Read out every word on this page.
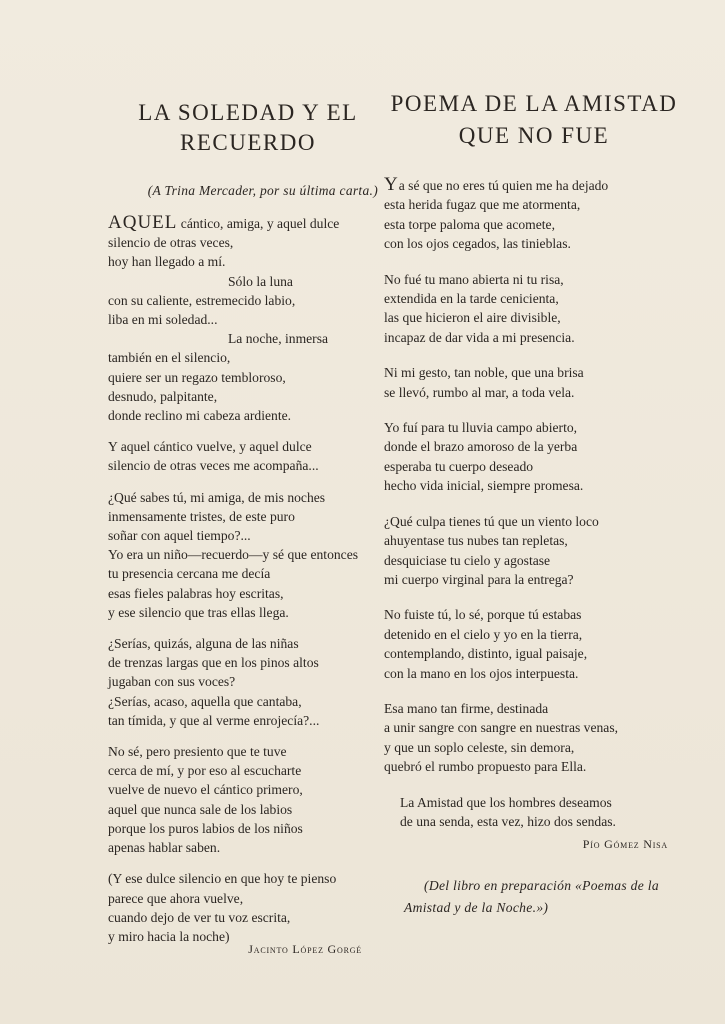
LA SOLEDAD Y EL
RECUERDO
(A Trina Mercader, por su última carta.)
AQUEL cántico, amiga, y aquel dulce
silencio de otras veces,
hoy han llegado a mí.
Sólo la luna
con su caliente, estremecido labio,
liba en mi soledad...
La noche, inmersa
también en el silencio,
quiere ser un regazo tembloroso,
desnudo, palpitante,
donde reclino mi cabeza ardiente.
Y aquel cántico vuelve, y aquel dulce
silencio de otras veces me acompaña...
¿Qué sabes tú, mi amiga, de mis noches
inmensamente tristes, de este puro
soñar con aquel tiempo?...
Yo era un niño—recuerdo—y sé que entonces
tu presencia cercana me decía
esas fieles palabras hoy escritas,
y ese silencio que tras ellas llega.
¿Serías, quizás, alguna de las niñas
de trenzas largas que en los pinos altos
jugaban con sus voces?
¿Serías, acaso, aquella que cantaba,
tan tímida, y que al verme enrojecía?...
No sé, pero presiento que te tuve
cerca de mí, y por eso al escucharte
vuelve de nuevo el cántico primero,
aquel que nunca sale de los labios
porque los puros labios de los niños
apenas hablar saben.
(Y ese dulce silencio en que hoy te pienso
parece que ahora vuelve,
cuando dejo de ver tu voz escrita,
y miro hacia la noche)
Jacinto López Gorgé
POEMA DE LA AMISTAD
QUE NO FUE
Ya sé que no eres tú quien me ha dejado
esta herida fugaz que me atormenta,
esta torpe paloma que acomete,
con los ojos cegados, las tinieblas.
No fué tu mano abierta ni tu risa,
extendida en la tarde cenicienta,
las que hicieron el aire divisible,
incapaz de dar vida a mi presencia.
Ni mi gesto, tan noble, que una brisa
se llevó, rumbo al mar, a toda vela.
Yo fuí para tu lluvia campo abierto,
donde el brazo amoroso de la yerba
esperaba tu cuerpo deseado
hecho vida inicial, siempre promesa.
¿Qué culpa tienes tú que un viento loco
ahuyentase tus nubes tan repletas,
desquiciase tu cielo y agostase
mi cuerpo virginal para la entrega?
No fuiste tú, lo sé, porque tú estabas
detenido en el cielo y yo en la tierra,
contemplando, distinto, igual paisaje,
con la mano en los ojos interpuesta.
Esa mano tan firme, destinada
a unir sangre con sangre en nuestras venas,
y que un soplo celeste, sin demora,
quebró el rumbo propuesto para Ella.
La Amistad que los hombres deseamos
de una senda, esta vez, hizo dos sendas.
Pío Gómez Nisa
(Del libro en preparación «Poemas de la
Amistad y de la Noche.»)
